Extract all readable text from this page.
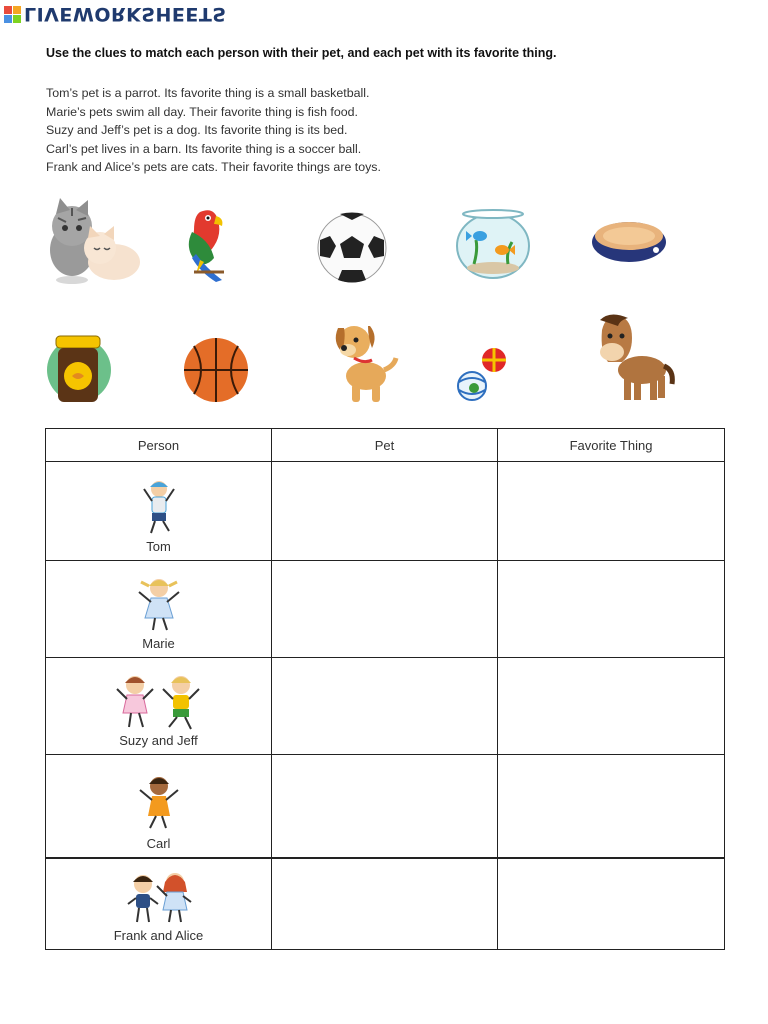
LIVEWORKSHEETS
Use the clues to match each person with their pet, and each pet with its favorite thing.
Tom’s pet is a parrot. Its favorite thing is a small basketball.
Marie’s pets swim all day. Their favorite thing is fish food.
Suzy and Jeff’s pet is a dog. Its favorite thing is its bed.
Carl’s pet lives in a barn. Its favorite thing is a soccer ball.
Frank and Alice’s pets are cats. Their favorite things are toys.
Person	Pet	Favorite Thing

Tom		

Marie		

Suzy and Jeff		

Carl		

Frank and Alice		
